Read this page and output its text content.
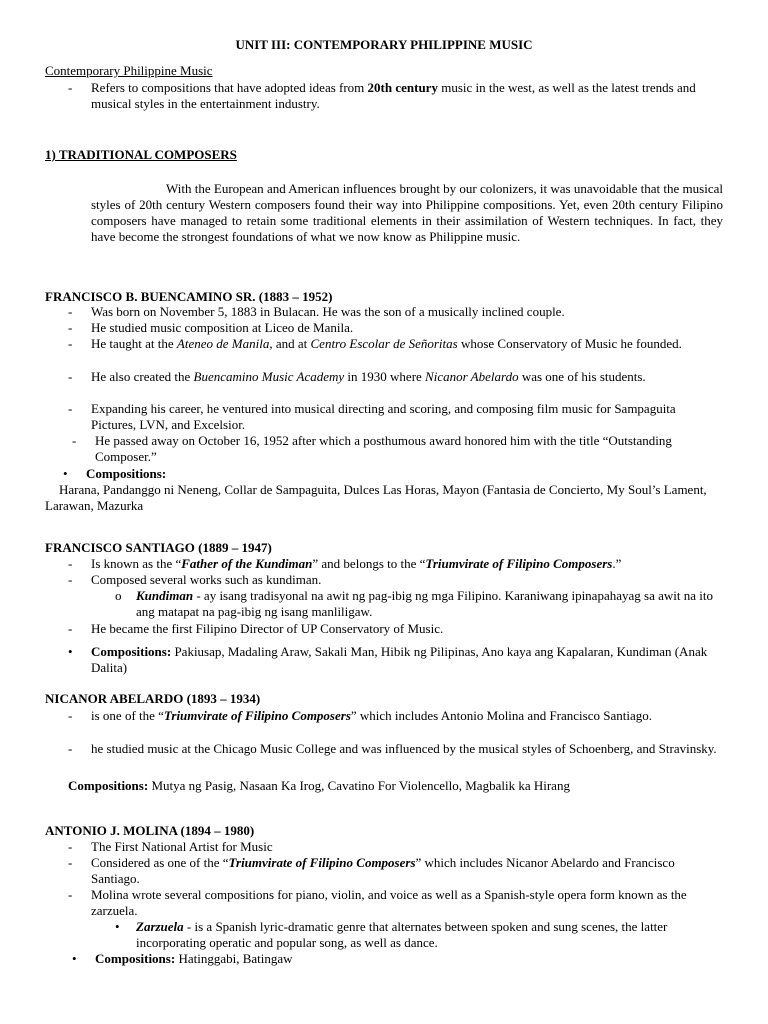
UNIT III: CONTEMPORARY PHILIPPINE MUSIC
Contemporary Philippine Music
- Refers to compositions that have adopted ideas from 20th century music in the west, as well as the latest trends and musical styles in the entertainment industry.
1) TRADITIONAL COMPOSERS
With the European and American influences brought by our colonizers, it was unavoidable that the musical styles of 20th century Western composers found their way into Philippine compositions. Yet, even 20th century Filipino composers have managed to retain some traditional elements in their assimilation of Western techniques. In fact, they have become the strongest foundations of what we now know as Philippine music.
FRANCISCO B. BUENCAMINO SR. (1883 – 1952)
- Was born on November 5, 1883 in Bulacan. He was the son of a musically inclined couple.
- He studied music composition at Liceo de Manila.
- He taught at the Ateneo de Manila, and at Centro Escolar de Señoritas whose Conservatory of Music he founded.
- He also created the Buencamino Music Academy in 1930 where Nicanor Abelardo was one of his students.
- Expanding his career, he ventured into musical directing and scoring, and composing film music for Sampaguita Pictures, LVN, and Excelsior.
- He passed away on October 16, 1952 after which a posthumous award honored him with the title “Outstanding Composer.”
• Compositions:
Harana, Pandanggo ni Neneng, Collar de Sampaguita, Dulces Las Horas, Mayon (Fantasia de Concierto, My Soul’s Lament, Larawan, Mazurka
FRANCISCO SANTIAGO (1889 – 1947)
- Is known as the “Father of the Kundiman” and belongs to the “Triumvirate of Filipino Composers.”
- Composed several works such as kundiman.
o Kundiman - ay isang tradisyonal na awit ng pag-ibig ng mga Filipino. Karaniwang ipinapahayag sa awit na ito ang matapat na pag-ibig ng isang manliligaw.
- He became the first Filipino Director of UP Conservatory of Music.
• Compositions: Pakiusap, Madaling Araw, Sakali Man, Hibik ng Pilipinas, Ano kaya ang Kapalaran, Kundiman (Anak Dalita)
NICANOR ABELARDO (1893 – 1934)
- is one of the “Triumvirate of Filipino Composers” which includes Antonio Molina and Francisco Santiago.
- he studied music at the Chicago Music College and was influenced by the musical styles of Schoenberg, and Stravinsky.
Compositions: Mutya ng Pasig, Nasaan Ka Irog, Cavatino For Violencello, Magbalik ka Hirang
ANTONIO J. MOLINA (1894 – 1980)
- The First National Artist for Music
- Considered as one of the “Triumvirate of Filipino Composers” which includes Nicanor Abelardo and Francisco Santiago.
- Molina wrote several compositions for piano, violin, and voice as well as a Spanish-style opera form known as the zarzuela.
• Zarzuela - is a Spanish lyric-dramatic genre that alternates between spoken and sung scenes, the latter incorporating operatic and popular song, as well as dance.
• Compositions: Hatinggabi, Batingaw
